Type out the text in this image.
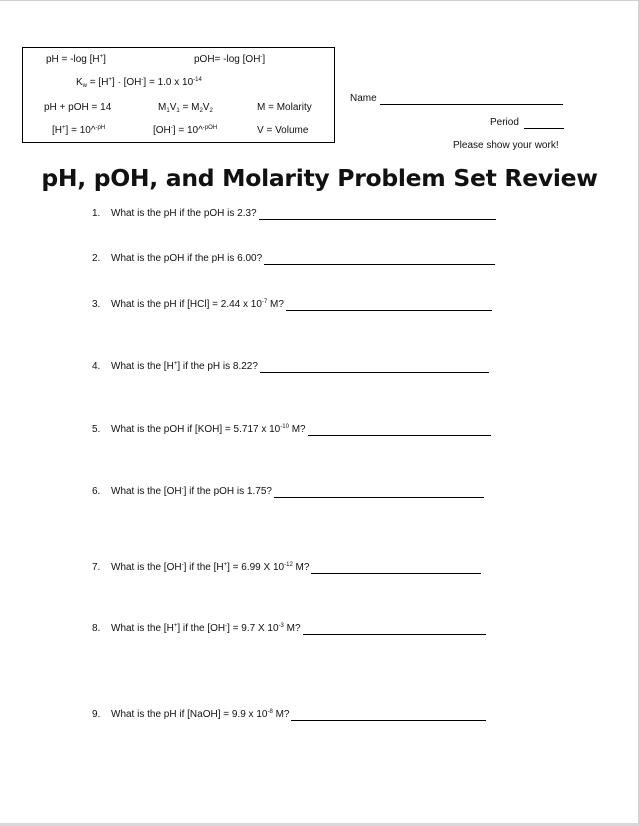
pH = -log [H+]	pOH= -log [OH-]
$K_w = [H^+] \cdot [OH^-] = 1.0$ x $10^{-14}$
pH + pOH = 14	$M_1V_1 = M_2V_2$	M = Molarity
[H+] = 10^$^{-pH}$	[OH-] = 10^$^{-pOH}$	V = Volume
Name
Period
Please show your work!
pH, pOH, and Molarity Problem Set Review
1. What is the pH if the pOH is 2.3?
2. What is the pOH if the pH is 6.00?
3. What is the pH if [HCl] = 2.44 x $10^{-7}$ M?
4. What is the [H+] if the pH is 8.22?
5. What is the pOH if [KOH] = 5.717 x $10^{-10}$ M?
6. What is the [OH-] if the pOH is 1.75?
7. What is the [OH-] if the [H+] = 6.99 X $10^{-12}$ M?
8. What is the [H+] if the [OH-] = 9.7 X $10^{-3}$ M?
9. What is the pH if [NaOH] = 9.9 x $10^{-8}$ M?
